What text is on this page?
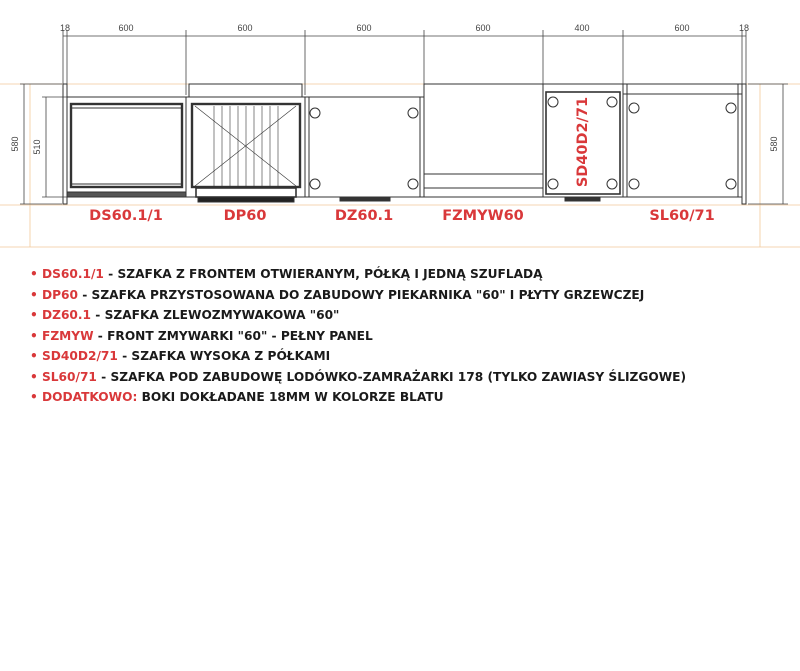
18	600	600	600	600	400	600	18
580 510	580
DS60.1/1	DP60	DZ60.1	FZMYW60	SL60/71
SD40D2/71
• DS60.1/1 - SZAFKA Z FRONTEM OTWIERANYM, PÓŁKĄ I JEDNĄ SZUFLADĄ
• DP60 - SZAFKA PRZYSTOSOWANA DO ZABUDOWY PIEKARNIKA "60" I PŁYTY GRZEWCZEJ
• DZ60.1 - SZAFKA ZLEWOZMYWAKOWA "60"
• FZMYW - FRONT ZMYWARKI "60" - PEŁNY PANEL
• SD40D2/71 - SZAFKA WYSOKA Z PÓŁKAMI
• SL60/71 - SZAFKA POD ZABUDOWĘ LODÓWKO-ZAMRAŻARKI 178 (TYLKO ZAWIASY ŚLIZGOWE)
• DODATKOWO: BOKI DOKŁADANE 18MM W KOLORZE BLATU
